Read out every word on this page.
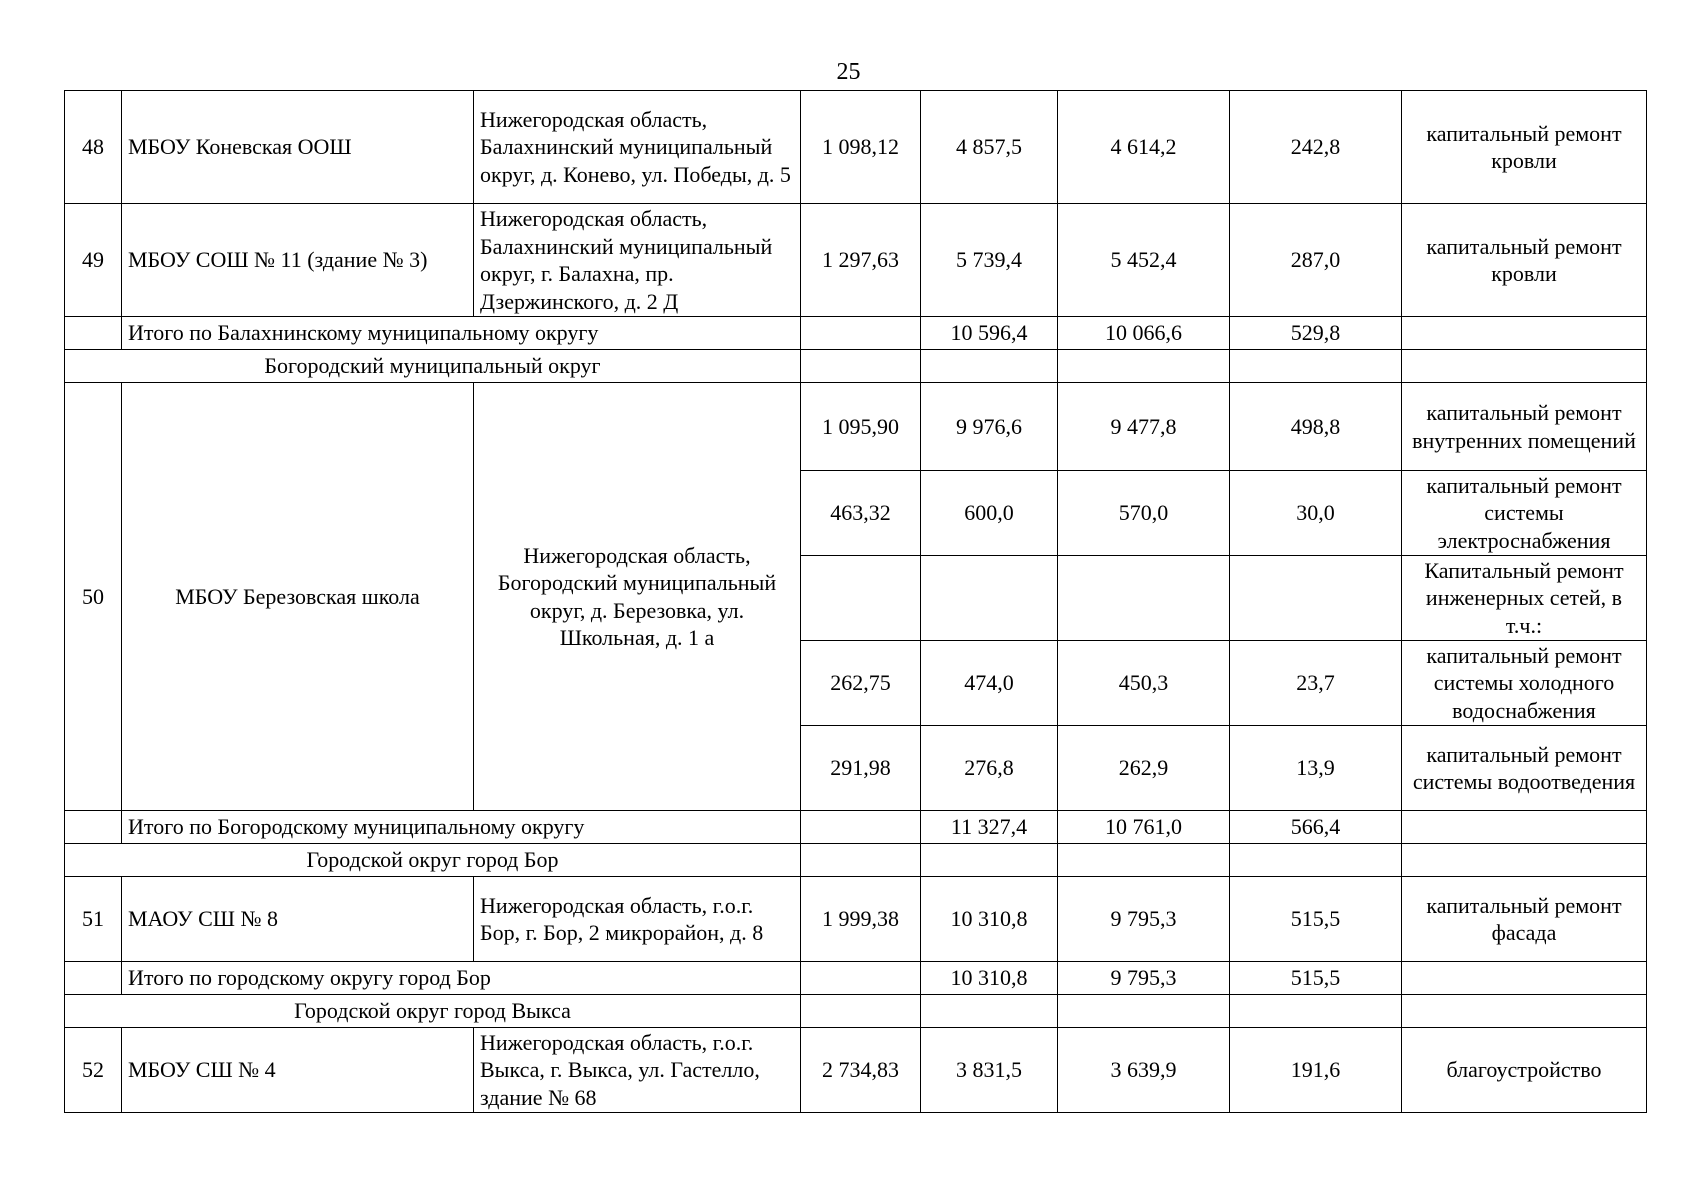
25
48	МБОУ Коневская ООШ	Нижегородская область, Балахнинский муниципальный округ, д. Конево, ул. Победы, д. 5	1 098,12	4 857,5	4 614,2	242,8	капитальный ремонт кровли
49	МБОУ СОШ № 11 (здание № 3)	Нижегородская область, Балахнинский муниципальный округ, г. Балахна, пр. Дзержинского, д. 2 Д	1 297,63	5 739,4	5 452,4	287,0	капитальный ремонт кровли
	Итого по Балахнинскому муниципальному округу			10 596,4	10 066,6	529,8	
Богородский муниципальный округ							
50	МБОУ Березовская школа	Нижегородская область, Богородский муниципальный округ, д. Березовка, ул. Школьная, д. 1 а	1 095,90	9 976,6	9 477,8	498,8	капитальный ремонт внутренних помещений
			463,32	600,0	570,0	30,0	капитальный ремонт системы электроснабжения
							Капитальный ремонт инженерных сетей, в т.ч.:
			262,75	474,0	450,3	23,7	капитальный ремонт системы холодного водоснабжения
			291,98	276,8	262,9	13,9	капитальный ремонт системы водоотведения
	Итого по Богородскому муниципальному округу			11 327,4	10 761,0	566,4	
Городской округ город Бор							
51	МАОУ СШ № 8	Нижегородская область, г.о.г. Бор, г. Бор, 2 микрорайон, д. 8	1 999,38	10 310,8	9 795,3	515,5	капитальный ремонт фасада
	Итого по городскому округу город Бор			10 310,8	9 795,3	515,5	
Городской округ город Выкса							
52	МБОУ СШ № 4	Нижегородская область, г.о.г. Выкса, г. Выкса, ул. Гастелло, здание № 68	2 734,83	3 831,5	3 639,9	191,6	благоустройство
